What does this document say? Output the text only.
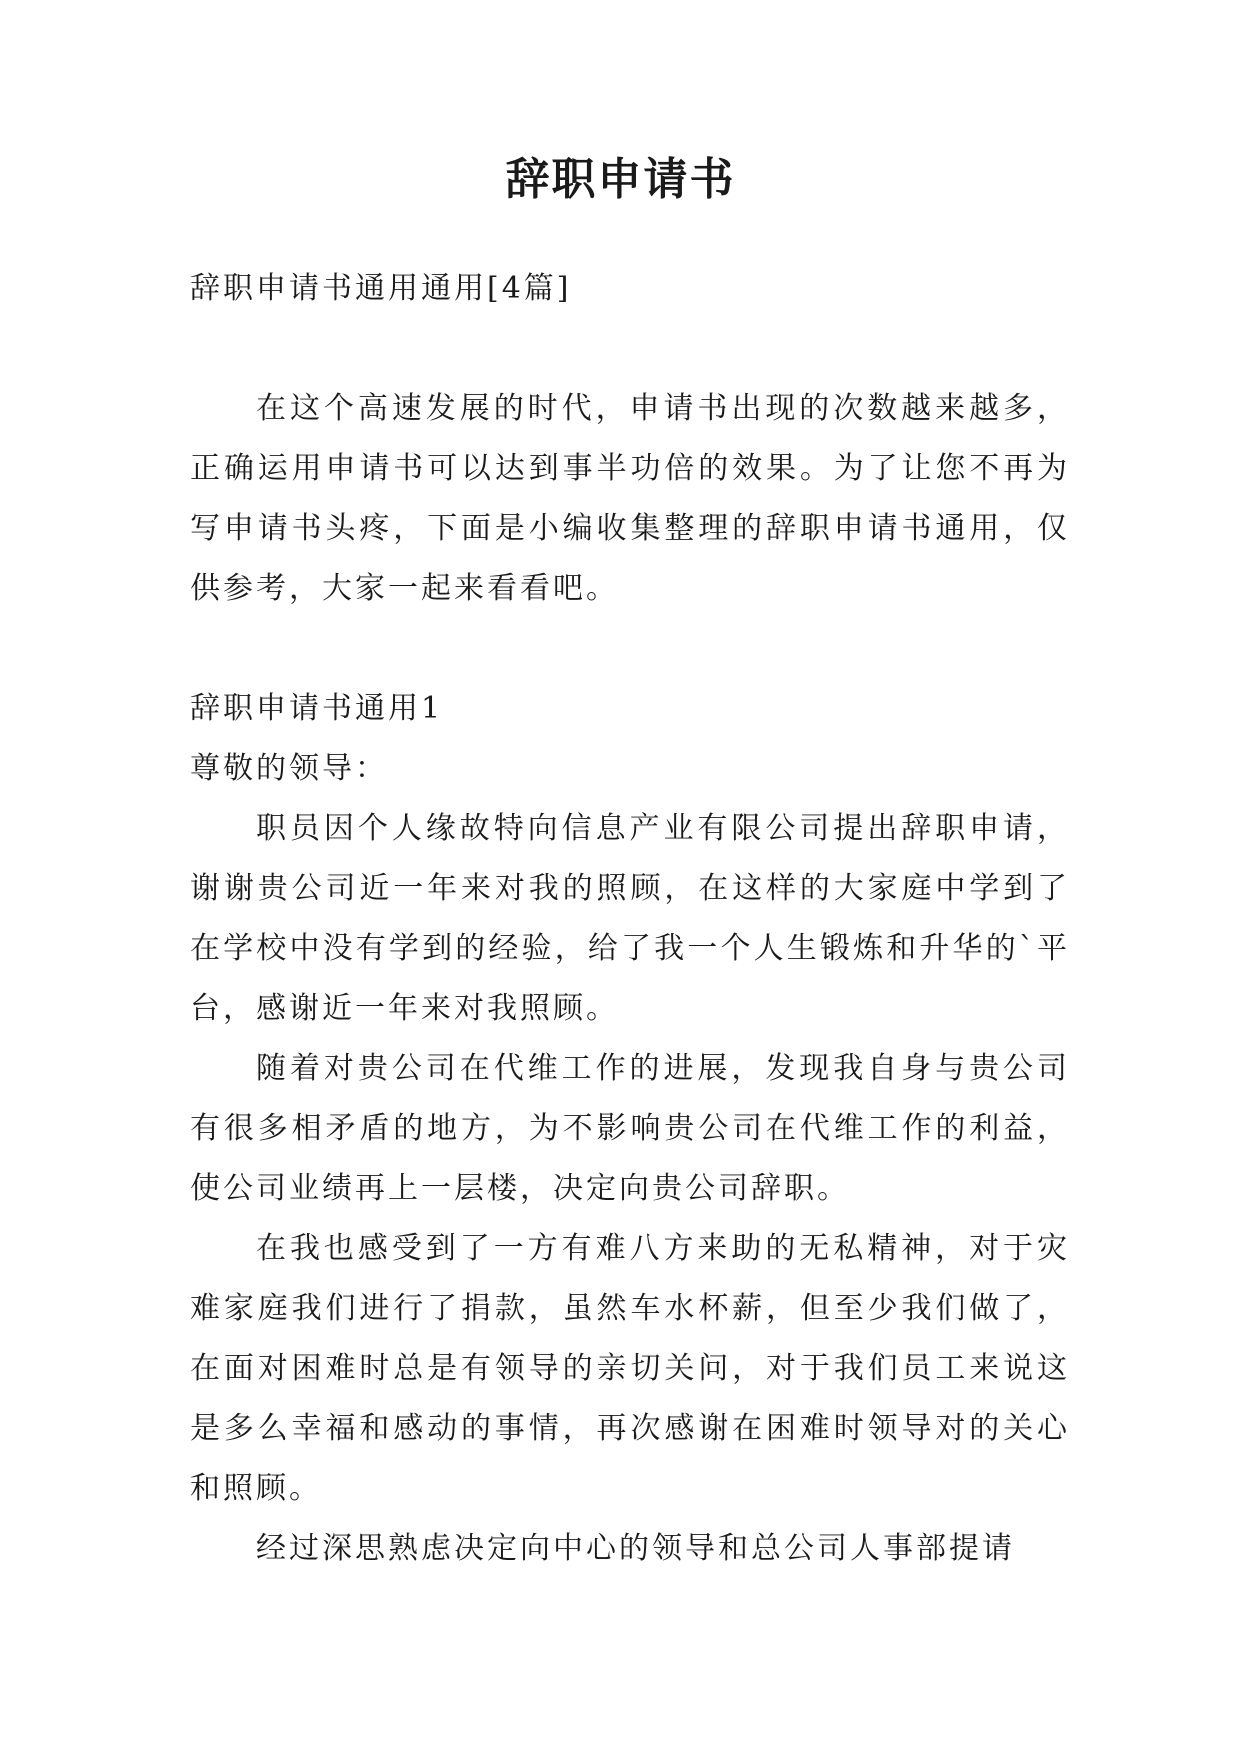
辞职申请书

辞职申请书通用通用[4篇]

在这个高速发展的时代，申请书出现的次数越来越多，正确运用申请书可以达到事半功倍的效果。为了让您不再为写申请书头疼，下面是小编收集整理的辞职申请书通用，仅供参考，大家一起来看看吧。

辞职申请书通用1

尊敬的领导：

职员因个人缘故特向信息产业有限公司提出辞职申请，谢谢贵公司近一年来对我的照顾，在这样的大家庭中学到了在学校中没有学到的经验，给了我一个人生锻炼和升华的`平台，感谢近一年来对我照顾。

随着对贵公司在代维工作的进展，发现我自身与贵公司有很多相矛盾的地方，为不影响贵公司在代维工作的利益，使公司业绩再上一层楼，决定向贵公司辞职。

在我也感受到了一方有难八方来助的无私精神，对于灾难家庭我们进行了捐款，虽然车水杯薪，但至少我们做了，在面对困难时总是有领导的亲切关问，对于我们员工来说这是多么幸福和感动的事情，再次感谢在困难时领导对的关心和照顾。

经过深思熟虑决定向中心的领导和总公司人事部提请
